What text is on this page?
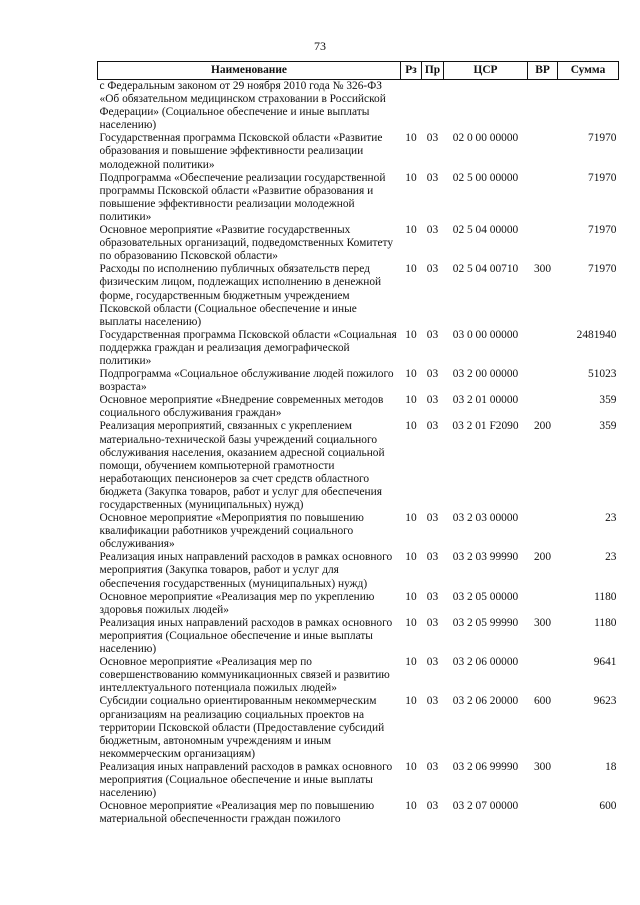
73
Наименование	Рз	Пр	ЦСР	ВР	Сумма
с Федеральным законом от 29 ноября 2010 года № 326-ФЗ «Об обязательном медицинском страховании в Российской Федерации» (Социальное обеспечение и иные выплаты населению)					
Государственная программа Псковской области «Развитие образования и повышение эффективности реализации молодежной политики»	10	03	02 0 00 00000		71970
Подпрограмма «Обеспечение реализации государственной программы Псковской области «Развитие образования и повышение эффективности реализации молодежной политики»	10	03	02 5 00 00000		71970
Основное мероприятие «Развитие государственных образовательных организаций, подведомственных Комитету по образованию Псковской области»	10	03	02 5 04 00000		71970
Расходы по исполнению публичных обязательств перед физическим лицом, подлежащих исполнению в денежной форме, государственным бюджетным учреждением Псковской области (Социальное обеспечение и иные выплаты населению)	10	03	02 5 04 00710	300	71970
Государственная программа Псковской области «Социальная поддержка граждан и реализация демографической политики»	10	03	03 0 00 00000		2481940
Подпрограмма «Социальное обслуживание людей пожилого возраста»	10	03	03 2 00 00000		51023
Основное мероприятие «Внедрение современных методов социального обслуживания граждан»	10	03	03 2 01 00000		359
Реализация мероприятий, связанных с укреплением материально-технической базы учреждений социального обслуживания населения, оказанием адресной социальной помощи, обучением компьютерной грамотности неработающих пенсионеров за счет средств областного бюджета (Закупка товаров, работ и услуг для обеспечения государственных (муниципальных) нужд)	10	03	03 2 01 F2090	200	359
Основное мероприятие «Мероприятия по повышению квалификации работников учреждений социального обслуживания»	10	03	03 2 03 00000		23
Реализация иных направлений расходов в рамках основного мероприятия (Закупка товаров, работ и услуг для обеспечения государственных (муниципальных) нужд)	10	03	03 2 03 99990	200	23
Основное мероприятие «Реализация мер по укреплению здоровья пожилых людей»	10	03	03 2 05 00000		1180
Реализация иных направлений расходов в рамках основного мероприятия (Социальное обеспечение и иные выплаты населению)	10	03	03 2 05 99990	300	1180
Основное мероприятие «Реализация мер по совершенствованию коммуникационных связей и развитию интеллектуального потенциала пожилых людей»	10	03	03 2 06 00000		9641
Субсидии социально ориентированным некоммерческим организациям на реализацию социальных проектов на территории Псковской области (Предоставление субсидий бюджетным, автономным учреждениям и иным некоммерческим организациям)	10	03	03 2 06 20000	600	9623
Реализация иных направлений расходов в рамках основного мероприятия (Социальное обеспечение и иные выплаты населению)	10	03	03 2 06 99990	300	18
Основное мероприятие «Реализация мер по повышению материальной обеспеченности граждан пожилого	10	03	03 2 07 00000		600
